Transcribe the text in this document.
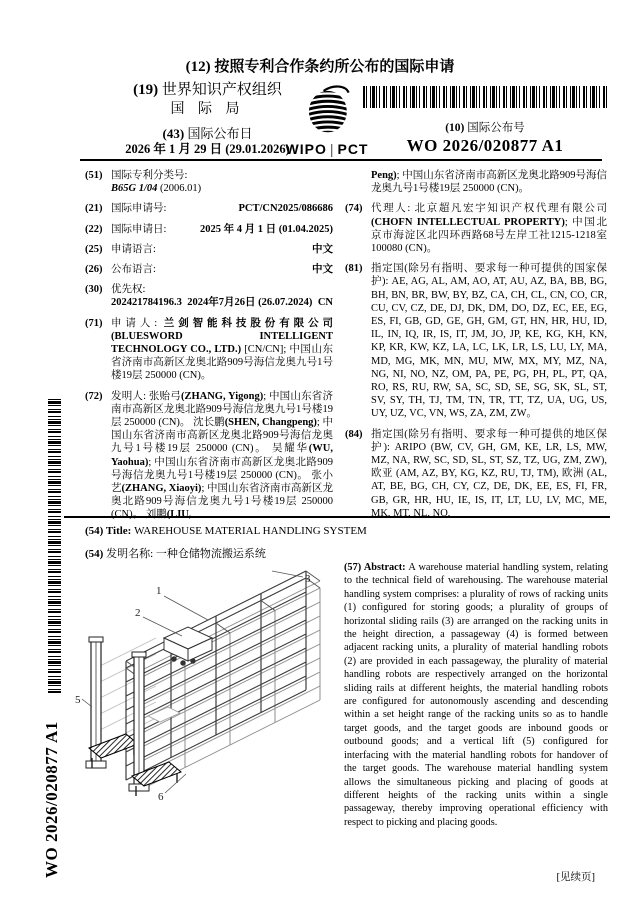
(12) 按照专利合作条约所公布的国际申请
(19) 世界知识产权组织
国 际 局
(43) 国际公布日
2026 年 1 月 29 日 (29.01.2026)
WIPO | PCT
(10) 国际公布号
WO 2026/020877 A1
(51) 国际专利分类号:
B65G 1/04 (2006.01)
(21) 国际申请号:	PCT/CN2025/086686
(22) 国际申请日:	2025 年 4 月 1 日 (01.04.2025)
(25) 申请语言:	中文
(26) 公布语言:	中文
(30) 优先权:
202421784196.3 2024年7月26日 (26.07.2024) CN
(71) 申请人: 兰剑智能科技股份有限公司(BLUESWORD INTELLIGENT TECHNOLOGY CO., LTD.) [CN/CN]; 中国山东省济南市高新区龙奥北路909号海信龙奥九号1号楼19层 250000 (CN)。
(72) 发明人: 张贻弓(ZHANG, Yigong); 中国山东省济南市高新区龙奥北路909号海信龙奥九号1号楼19层 250000 (CN)。 沈长鹏(SHEN, Changpeng); 中国山东省济南市高新区龙奥北路909号海信龙奥九号1号楼19层 250000 (CN)。 吴耀华(WU, Yaohua); 中国山东省济南市高新区龙奥北路909号海信龙奥九号1号楼19层 250000 (CN)。 张小艺(ZHANG, Xiaoyi); 中国山东省济南市高新区龙奥北路909号海信龙奥九号1号楼19层 250000 (CN)。 刘鹏(LIU,
Peng); 中国山东省济南市高新区龙奥北路909号海信龙奥九号1号楼19层 250000 (CN)。
(74) 代理人: 北京超凡宏宇知识产权代理有限公司(CHOFN INTELLECTUAL PROPERTY); 中国北京市海淀区北四环西路68号左岸工社1215-1218室 100080 (CN)。
(81) 指定国(除另有指明、要求每一种可提供的国家保护): AE, AG, AL, AM, AO, AT, AU, AZ, BA, BB, BG, BH, BN, BR, BW, BY, BZ, CA, CH, CL, CN, CO, CR, CU, CV, CZ, DE, DJ, DK, DM, DO, DZ, EC, EE, EG, ES, FI, GB, GD, GE, GH, GM, GT, HN, HR, HU, ID, IL, IN, IQ, IR, IS, IT, JM, JO, JP, KE, KG, KH, KN, KP, KR, KW, KZ, LA, LC, LK, LR, LS, LU, LY, MA, MD, MG, MK, MN, MU, MW, MX, MY, MZ, NA, NG, NI, NO, NZ, OM, PA, PE, PG, PH, PL, PT, QA, RO, RS, RU, RW, SA, SC, SD, SE, SG, SK, SL, ST, SV, SY, TH, TJ, TM, TN, TR, TT, TZ, UA, UG, US, UY, UZ, VC, VN, WS, ZA, ZM, ZW。
(84) 指定国(除另有指明、要求每一种可提供的地区保护): ARIPO (BW, CV, GH, GM, KE, LR, LS, MW, MZ, NA, RW, SC, SD, SL, ST, SZ, TZ, UG, ZM, ZW), 欧亚 (AM, AZ, BY, KG, KZ, RU, TJ, TM), 欧洲 (AL, AT, BE, BG, CH, CY, CZ, DE, DK, EE, ES, FI, FR, GB, GR, HR, HU, IE, IS, IT, LT, LU, LV, MC, ME, MK, MT, NL, NO,
(54) Title: WAREHOUSE MATERIAL HANDLING SYSTEM
(54) 发明名称: 一种仓储物流搬运系统
1
2
3
5
6
(57) Abstract: A warehouse material handling system, relating to the technical field of warehousing. The warehouse material handling system comprises: a plurality of rows of racking units (1) configured for storing goods; a plurality of groups of horizontal sliding rails (3) are arranged on the racking units in the height direction, a passageway (4) is formed between adjacent racking units, a plurality of material handling robots (2) are provided in each passageway, the plurality of material handling robots are respectively arranged on the horizontal sliding rails at different heights, the material handling robots are configured for autonomously ascending and descending within a set height range of the racking units so as to handle target goods, and the target goods are inbound goods or outbound goods; and a vertical lift (5) configured for interfacing with the material handling robots for handover of the target goods. The warehouse material handling system allows the simultaneous picking and placing of goods at different heights of the racking units within a single passageway, thereby improving operational efficiency with respect to picking and placing goods.
WO 2026/020877 A1	[见续页]
